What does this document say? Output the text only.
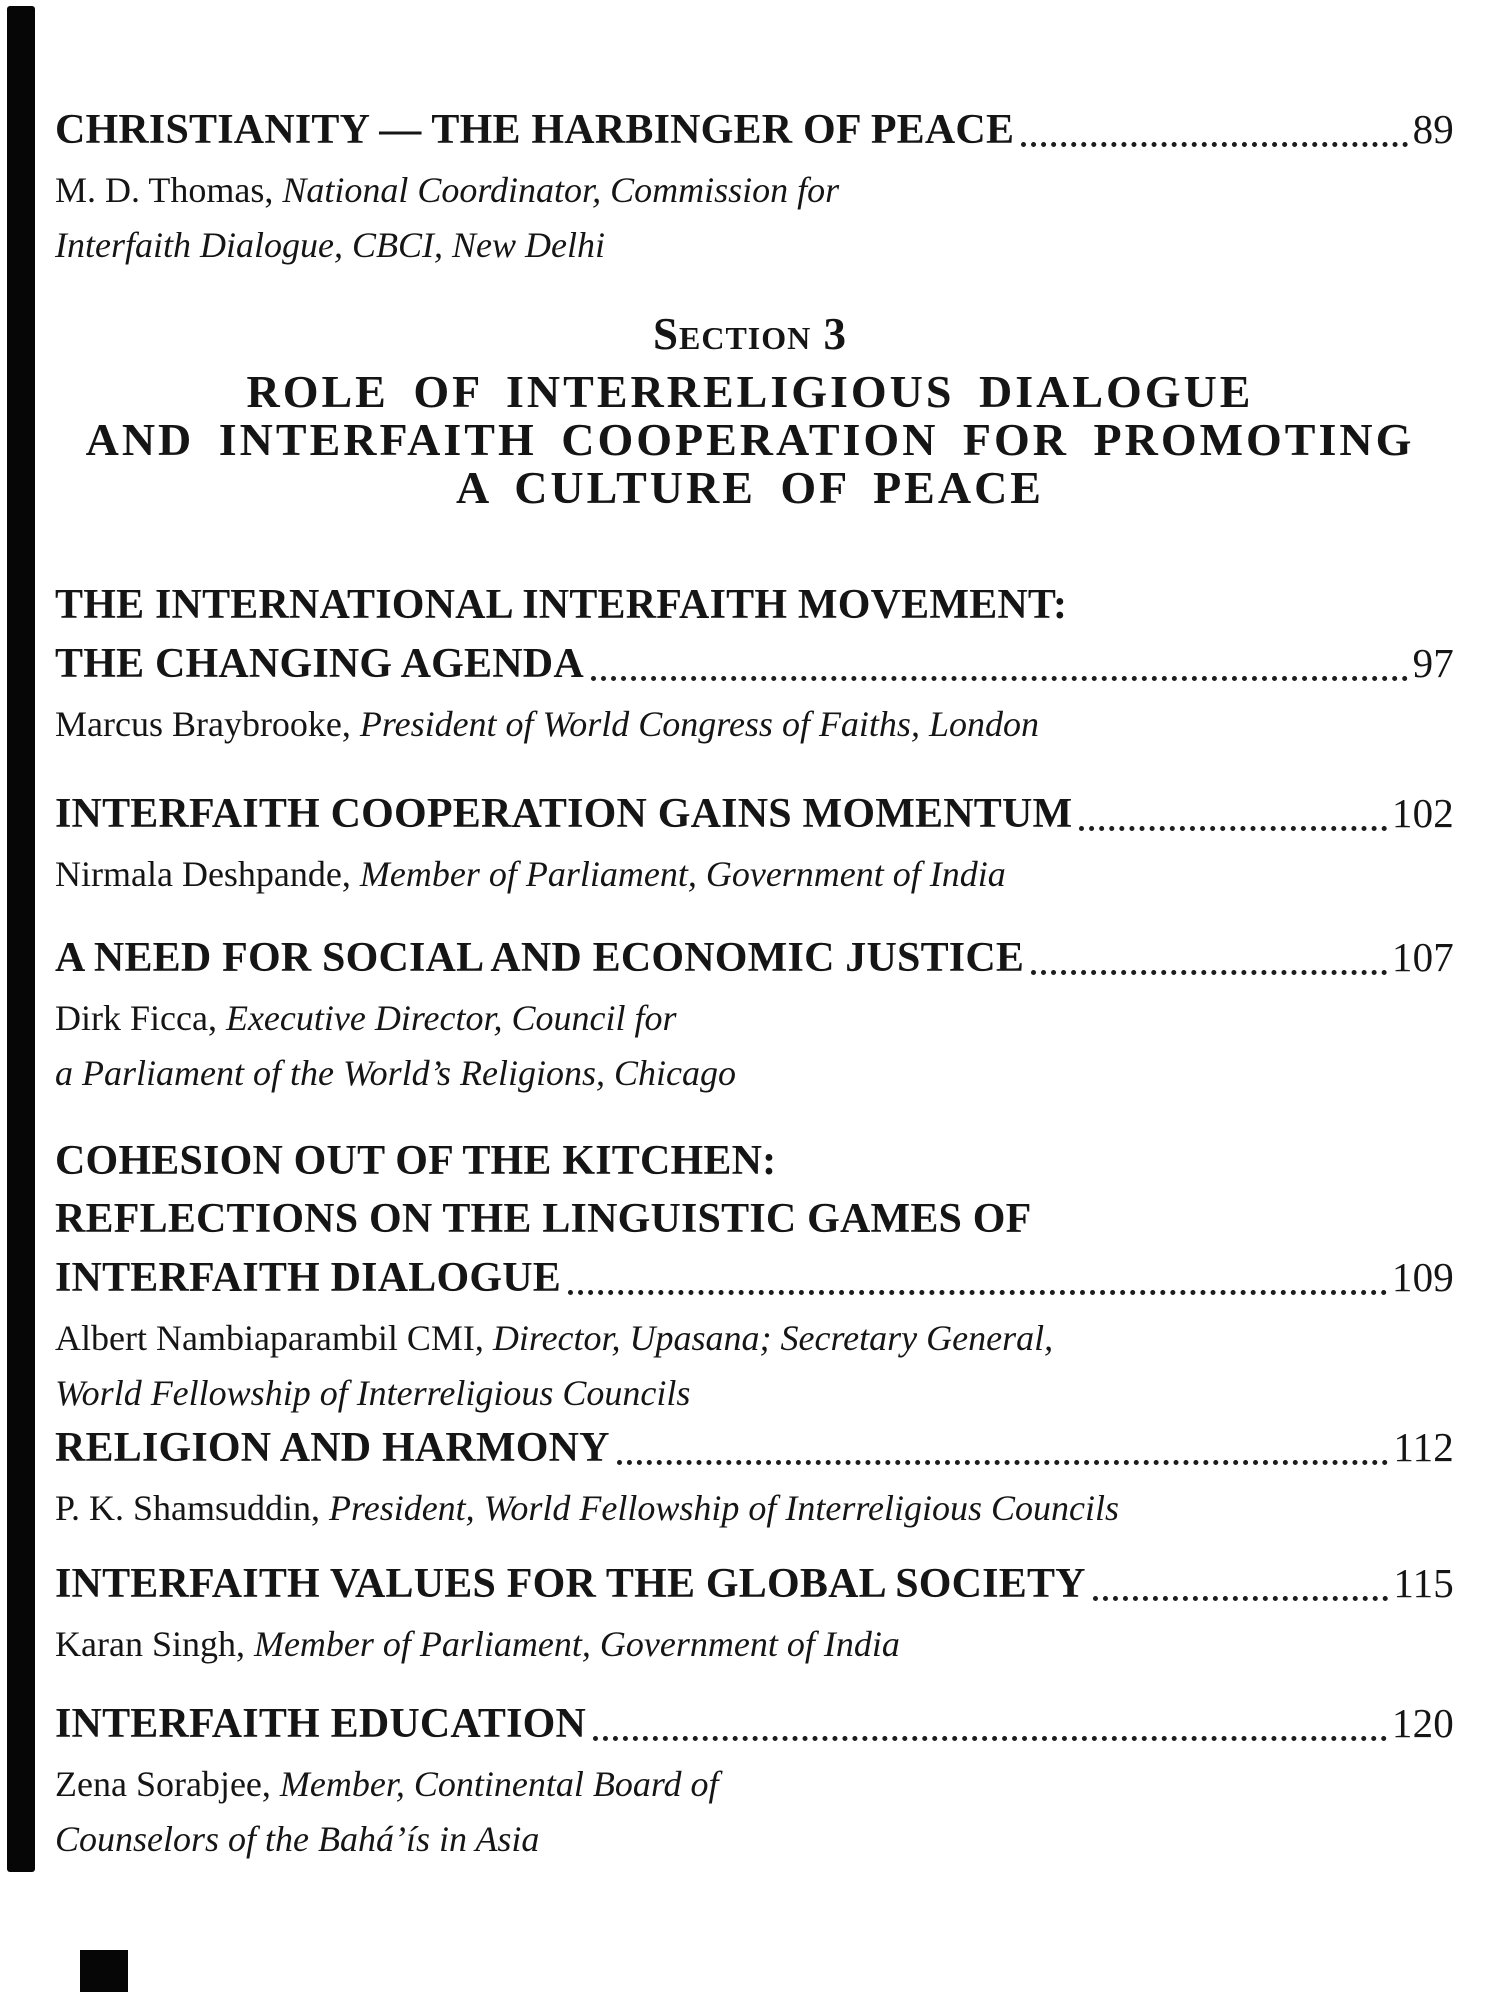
CHRISTIANITY — THE HARBINGER OF PEACE	89
M. D. Thomas, National Coordinator, Commission for
Interfaith Dialogue, CBCI, New Delhi
Section 3
ROLE OF INTERRELIGIOUS DIALOGUE
AND INTERFAITH COOPERATION FOR PROMOTING
A CULTURE OF PEACE
THE INTERNATIONAL INTERFAITH MOVEMENT:
THE CHANGING AGENDA	97
Marcus Braybrooke, President of World Congress of Faiths, London
INTERFAITH COOPERATION GAINS MOMENTUM	102
Nirmala Deshpande, Member of Parliament, Government of India
A NEED FOR SOCIAL AND ECONOMIC JUSTICE	107
Dirk Ficca, Executive Director, Council for
a Parliament of the World’s Religions, Chicago
COHESION OUT OF THE KITCHEN:
REFLECTIONS ON THE LINGUISTIC GAMES OF
INTERFAITH DIALOGUE	109
Albert Nambiaparambil CMI, Director, Upasana; Secretary General,
World Fellowship of Interreligious Councils
RELIGION AND HARMONY	112
P. K. Shamsuddin, President, World Fellowship of Interreligious Councils
INTERFAITH VALUES FOR THE GLOBAL SOCIETY	115
Karan Singh, Member of Parliament, Government of India
INTERFAITH EDUCATION	120
Zena Sorabjee, Member, Continental Board of
Counselors of the Bahá’ís in Asia
